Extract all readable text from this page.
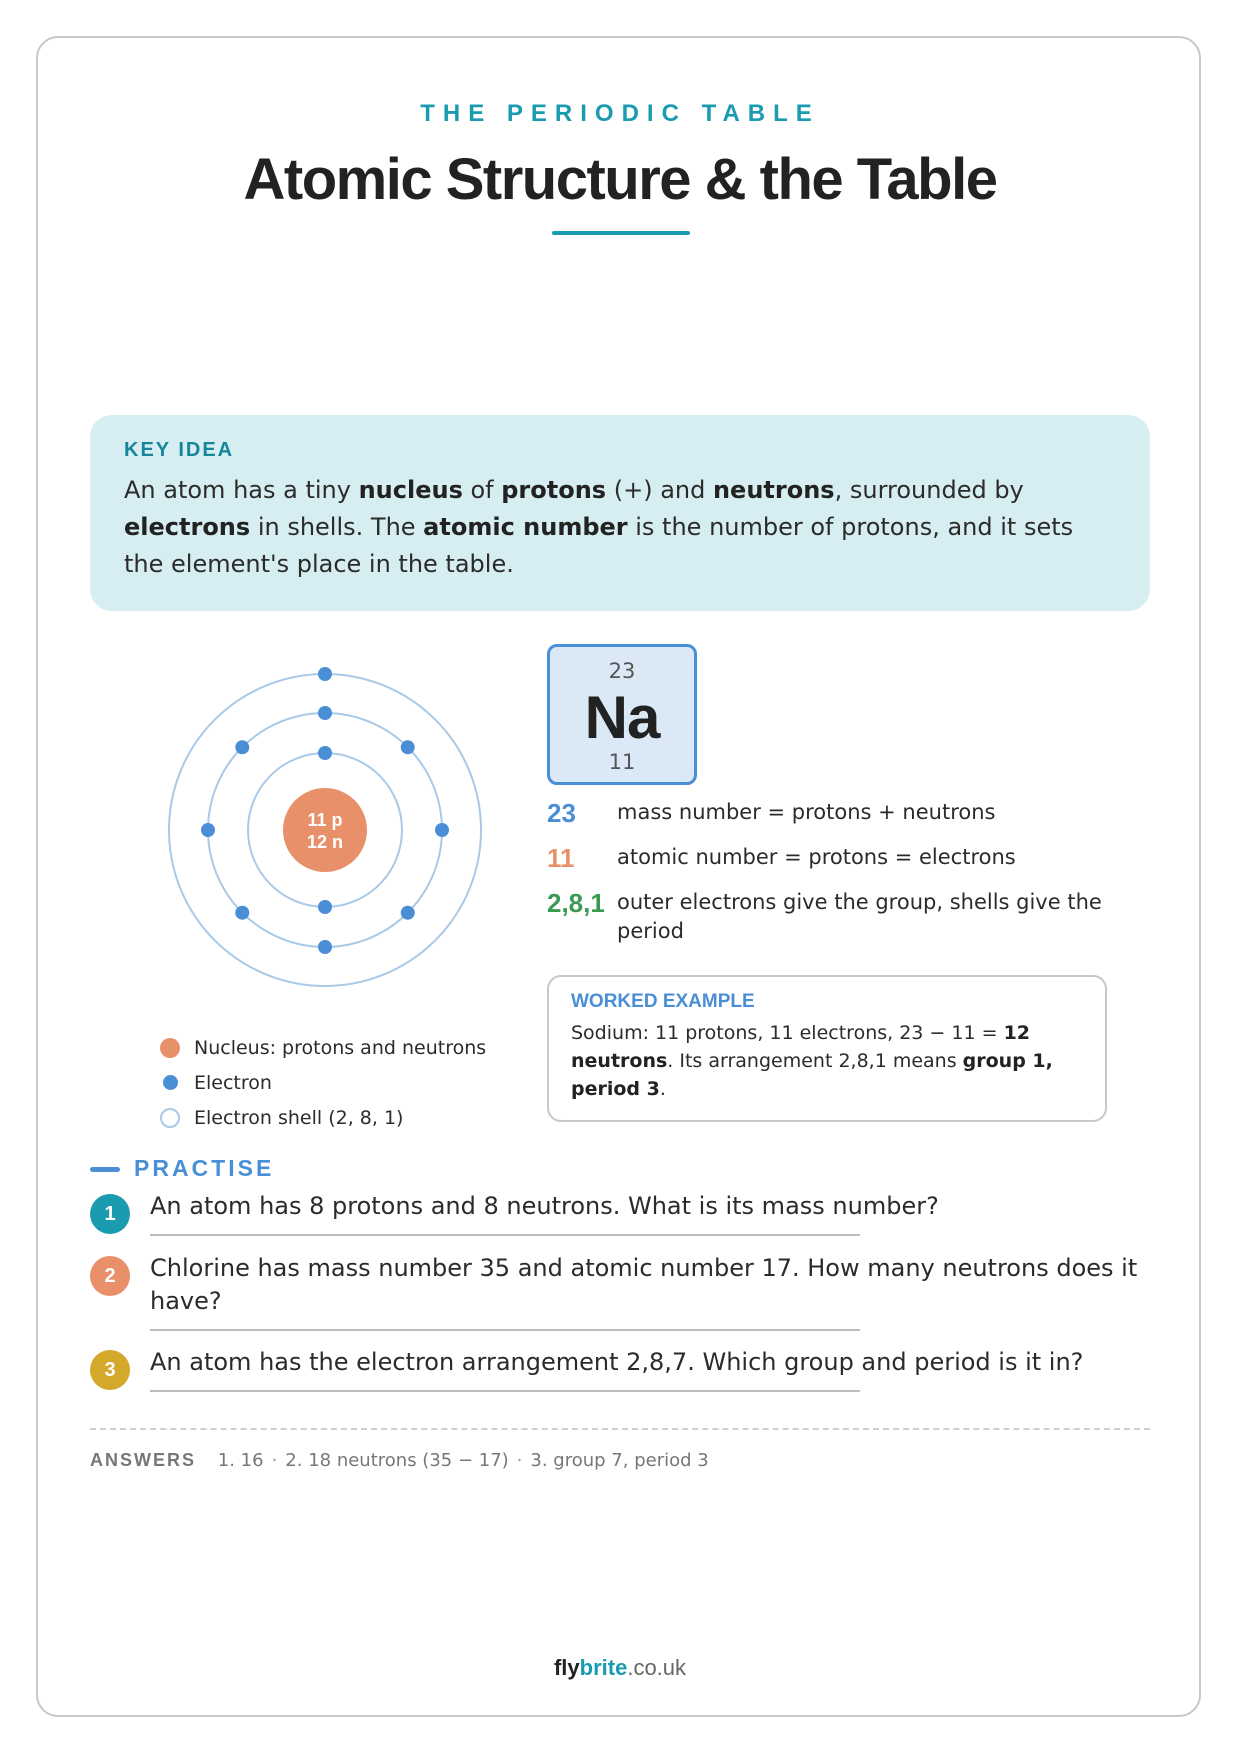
THE PERIODIC TABLE
Atomic Structure & the Table
KEY IDEA
An atom has a tiny nucleus of protons (+) and neutrons, surrounded by electrons in shells. The atomic number is the number of protons, and it sets the element's place in the table.
11 p
12 n
Nucleus: protons and neutrons
Electron
Electron shell (2, 8, 1)
23
Na
11
23	mass number = protons + neutrons
11	atomic number = protons = electrons
2,8,1 outer electrons give the group, shells give the period
WORKED EXAMPLE
Sodium: 11 protons, 11 electrons, 23 − 11 = 12 neutrons. Its arrangement 2,8,1 means group 1, period 3.
PRACTISE
1	An atom has 8 protons and 8 neutrons. What is its mass number?
2	Chlorine has mass number 35 and atomic number 17. How many neutrons does it have?
3	An atom has the electron arrangement 2,8,7. Which group and period is it in?
ANSWERS 1. 16 · 2. 18 neutrons (35 − 17) · 3. group 7, period 3
flybrite.co.uk
